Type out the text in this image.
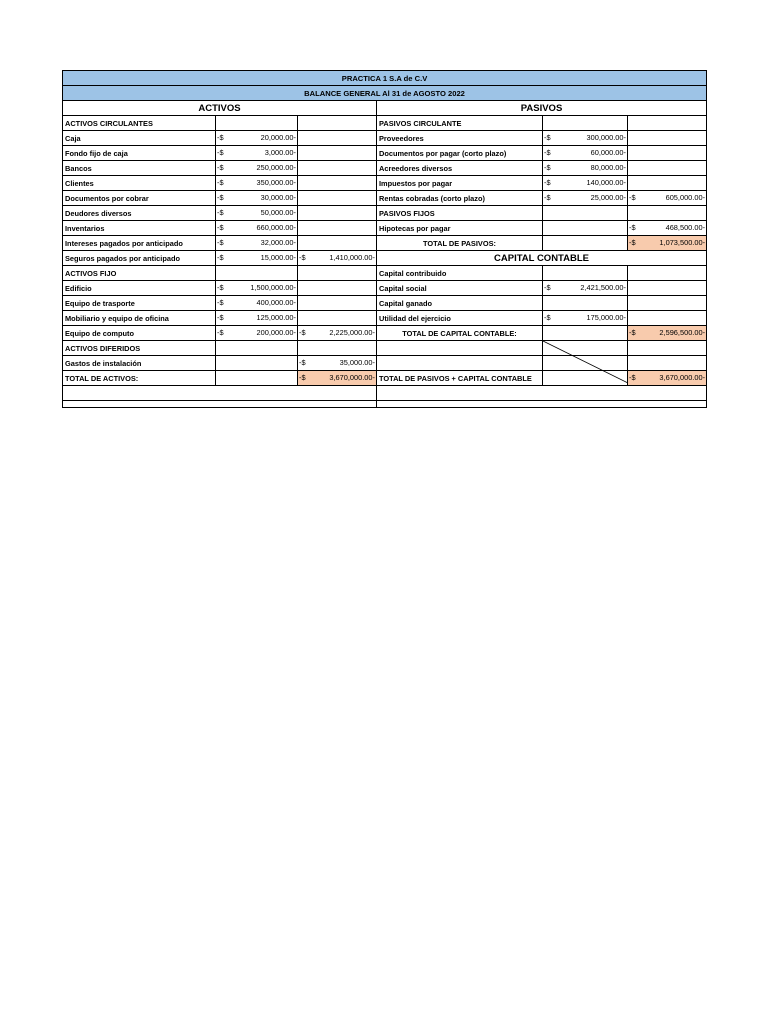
PRACTICA 1 S.A de C.V					
BALANCE GENERAL Al 31 de AGOSTO 2022					
ACTIVOS			PASIVOS		
ACTIVOS CIRCULANTES			PASIVOS CIRCULANTE		
Caja	-$ 20,000.00-		Proveedores	-$ 300,000.00-	

Fondo fijo de caja	-$ 3,000.00-		Documentos por pagar (corto plazo)	-$ 60,000.00-	

Bancos	-$ 250,000.00-		Acreedores diversos	-$ 80,000.00-	

Clientes	-$ 350,000.00-		Impuestos por pagar	-$ 140,000.00-	

Documentos por cobrar	-$ 30,000.00-		Rentas cobradas (corto plazo)	-$ 25,000.00-	-$ 605,000.00-

Deudores diversos	-$ 50,000.00-		PASIVOS FIJOS		
Inventarios	-$ 660,000.00-		Hipotecas por pagar		-$ 468,500.00-

Intereses pagados por anticipado	-$ 32,000.00-		TOTAL DE PASIVOS:		-$ 1,073,500.00-

Seguros pagados por anticipado	-$ 15,000.00-	-$ 1,410,000.00-	CAPITAL CONTABLE		
ACTIVOS FIJO			Capital contribuido		
Edificio	-$ 1,500,000.00-		Capital social	-$ 2,421,500.00-	

Equipo de trasporte	-$ 400,000.00-		Capital ganado		
Mobiliario y equipo de oficina	-$ 125,000.00-		Utilidad del ejercicio	-$ 175,000.00-	

Equipo de computo	-$ 200,000.00-	-$ 2,225,000.00-	TOTAL DE CAPITAL CONTABLE:		-$ 2,596,500.00-

ACTIVOS DIFERIDOS				

Gastos de instalación		-$ 35,000.00-			

TOTAL DE ACTIVOS:		-$ 3,670,000.00-	TOTAL DE PASIVOS + CAPITAL CONTABLE		-$ 3,670,000.00-
